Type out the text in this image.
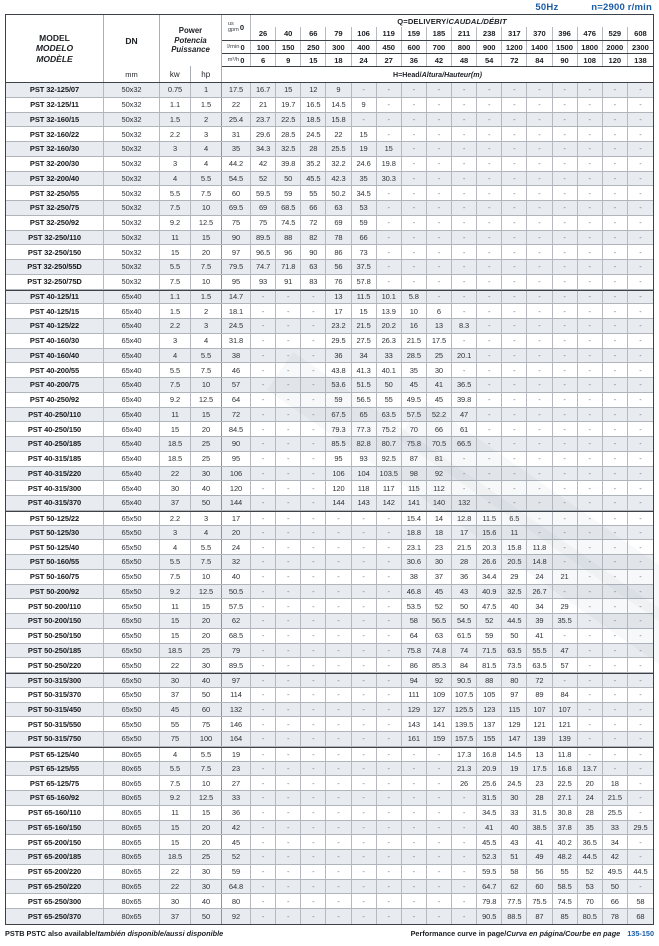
50Hz	n=2900 r/min
MODEL
MODELO
MODÈLE
DN
mm
Power
Potencia
Puissance
kw	hp
us
gpm 0
Q=DELIVERY/ CAUDAL/DÉBIT
26	40	66	79	106	119	159	185	211	238	317	370	396	476	529	608
l/min 0	100	150	250	300	400	450	600	700	800	900	1200	1400	1500	1800	2000	2300
m³/h 0	6	9	15	18	24	27	36	42	48	54	72	84	90	108	120	138
H=Head/ Altura/Hauteur (m)
PST 32-125/07	50x32	0.75	1	17.5	16.7	15	12	9	-	-	-	-	-	-	-	-	-	-	-	-
PST 32-125/11	50x32	1.1	1.5	22	21	19.7	16.5	14.5	9	-	-	-	-	-	-	-	-	-	-	-
PST 32-160/15	50x32	1.5	2	25.4	23.7	22.5	18.5	15.8	-	-	-	-	-	-	-	-	-	-	-	-
PST 32-160/22	50x32	2.2	3	31	29.6	28.5	24.5	22	15	-	-	-	-	-	-	-	-	-	-	-
PST 32-160/30	50x32	3	4	35	34.3	32.5	28	25.5	19	15	-	-	-	-	-	-	-	-	-	-
PST 32-200/30	50x32	3	4	44.2	42	39.8	35.2	32.2	24.6	19.8	-	-	-	-	-	-	-	-	-	-
PST 32-200/40	50x32	4	5.5	54.5	52	50	45.5	42.3	35	30.3	-	-	-	-	-	-	-	-	-	-
PST 32-250/55	50x32	5.5	7.5	60	59.5	59	55	50.2	34.5	-	-	-	-	-	-	-	-	-	-	-
PST 32-250/75	50x32	7.5	10	69.5	69	68.5	66	63	53	-	-	-	-	-	-	-	-	-	-	-
PST 32-250/92	50x32	9.2	12.5	75	75	74.5	72	69	59	-	-	-	-	-	-	-	-	-	-	-
PST 32-250/110	50x32	11	15	90	89.5	88	82	78	66	-	-	-	-	-	-	-	-	-	-	-
PST 32-250/150	50x32	15	20	97	96.5	96	90	86	73	-	-	-	-	-	-	-	-	-	-	-
PST 32-250/55D	50x32	5.5	7.5	79.5	74.7	71.8	63	56	37.5	-	-	-	-	-	-	-	-	-	-	-
PST 32-250/75D	50x32	7.5	10	95	93	91	83	76	57.8	-	-	-	-	-	-	-	-	-	-	-
PST 40-125/11	65x40	1.1	1.5	14.7	-	-	-	13	11.5	10.1	5.8	-	-	-	-	-	-	-	-	-
PST 40-125/15	65x40	1.5	2	18.1	-	-	-	17	15	13.9	10	6	-	-	-	-	-	-	-	-
PST 40-125/22	65x40	2.2	3	24.5	-	-	-	23.2	21.5	20.2	16	13	8.3	-	-	-	-	-	-	-
PST 40-160/30	65x40	3	4	31.8	-	-	-	29.5	27.5	26.3	21.5	17.5	-	-	-	-	-	-	-	-
PST 40-160/40	65x40	4	5.5	38	-	-	-	36	34	33	28.5	25	20.1	-	-	-	-	-	-	-
PST 40-200/55	65x40	5.5	7.5	46	-	-	-	43.8	41.3	40.1	35	30	-	-	-	-	-	-	-	-
PST 40-200/75	65x40	7.5	10	57	-	-	-	53.6	51.5	50	45	41	36.5	-	-	-	-	-	-	-
PST 40-250/92	65x40	9.2	12.5	64	-	-	-	59	56.5	55	49.5	45	39.8	-	-	-	-	-	-	-
PST 40-250/110	65x40	11	15	72	-	-	-	67.5	65	63.5	57.5	52.2	47	-	-	-	-	-	-	-
PST 40-250/150	65x40	15	20	84.5	-	-	-	79.3	77.3	75.2	70	66	61	-	-	-	-	-	-	-
PST 40-250/185	65x40	18.5	25	90	-	-	-	85.5	82.8	80.7	75.8	70.5	66.5	-	-	-	-	-	-	-
PST 40-315/185	65x40	18.5	25	95	-	-	-	95	93	92.5	87	81	-	-	-	-	-	-	-	-
PST 40-315/220	65x40	22	30	106	-	-	-	106	104	103.5	98	92	-	-	-	-	-	-	-	-
PST 40-315/300	65x40	30	40	120	-	-	-	120	118	117	115	112	-	-	-	-	-	-	-	-
PST 40-315/370	65x40	37	50	144	-	-	-	144	143	142	141	140	132	-	-	-	-	-	-	-
PST 50-125/22	65x50	2.2	3	17	-	-	-	-	-	-	15.4	14	12.8	11.5	6.5	-	-	-	-	-
PST 50-125/30	65x50	3	4	20	-	-	-	-	-	-	18.8	18	17	15.6	11	-	-	-	-	-
PST 50-125/40	65x50	4	5.5	24	-	-	-	-	-	-	23.1	23	21.5	20.3	15.8	11.8	-	-	-	-
PST 50-160/55	65x50	5.5	7.5	32	-	-	-	-	-	-	30.6	30	28	26.6	20.5	14.8	-	-	-	-
PST 50-160/75	65x50	7.5	10	40	-	-	-	-	-	-	38	37	36	34.4	29	24	21	-	-	-
PST 50-200/92	65x50	9.2	12.5	50.5	-	-	-	-	-	-	46.8	45	43	40.9	32.5	26.7	-	-	-	-
PST 50-200/110	65x50	11	15	57.5	-	-	-	-	-	-	53.5	52	50	47.5	40	34	29	-	-	-
PST 50-200/150	65x50	15	20	62	-	-	-	-	-	-	58	56.5	54.5	52	44.5	39	35.5	-	-	-
PST 50-250/150	65x50	15	20	68.5	-	-	-	-	-	-	64	63	61.5	59	50	41	-	-	-	-
PST 50-250/185	65x50	18.5	25	79	-	-	-	-	-	-	75.8	74.8	74	71.5	63.5	55.5	47	-	-	-
PST 50-250/220	65x50	22	30	89.5	-	-	-	-	-	-	86	85.3	84	81.5	73.5	63.5	57	-	-	-
PST 50-315/300	65x50	30	40	97	-	-	-	-	-	-	94	92	90.5	88	80	72	-	-	-	-
PST 50-315/370	65x50	37	50	114	-	-	-	-	-	-	111	109	107.5	105	97	89	84	-	-	-
PST 50-315/450	65x50	45	60	132	-	-	-	-	-	-	129	127	125.5	123	115	107	107	-	-	-
PST 50-315/550	65x50	55	75	146	-	-	-	-	-	-	143	141	139.5	137	129	121	121	-	-	-
PST 50-315/750	65x50	75	100	164	-	-	-	-	-	-	161	159	157.5	155	147	139	139	-	-	-
PST 65-125/40	80x65	4	5.5	19	-	-	-	-	-	-	-	-	17.3	16.8	14.5	13	11.8	-	-	-
PST 65-125/55	80x65	5.5	7.5	23	-	-	-	-	-	-	-	-	21.3	20.9	19	17.5	16.8	13.7	-	-
PST 65-125/75	80x65	7.5	10	27	-	-	-	-	-	-	-	-	26	25.6	24.5	23	22.5	20	18	-
PST 65-160/92	80x65	9.2	12.5	33	-	-	-	-	-	-	-	-	-	31.5	30	28	27.1	24	21.5	-
PST 65-160/110	80x65	11	15	36	-	-	-	-	-	-	-	-	-	34.5	33	31.5	30.8	28	25.5	-
PST 65-160/150	80x65	15	20	42	-	-	-	-	-	-	-	-	-	41	40	38.5	37.8	35	33	29.5
PST 65-200/150	80x65	15	20	45	-	-	-	-	-	-	-	-	-	45.5	43	41	40.2	36.5	34	-
PST 65-200/185	80x65	18.5	25	52	-	-	-	-	-	-	-	-	-	52.3	51	49	48.2	44.5	42	-
PST 65-200/220	80x65	22	30	59	-	-	-	-	-	-	-	-	-	59.5	58	56	55	52	49.5	44.5
PST 65-250/220	80x65	22	30	64.8	-	-	-	-	-	-	-	-	-	64.7	62	60	58.5	53	50	-
PST 65-250/300	80x65	30	40	80	-	-	-	-	-	-	-	-	-	79.8	77.5	75.5	74.5	70	66	58
PST 65-250/370	80x65	37	50	92	-	-	-	-	-	-	-	-	-	90.5	88.5	87	85	80.5	78	68
PSTB PSTC also available/también disponible/aussi disponible	Performance curve in page/Curva en página/Courbe en page 135-150
